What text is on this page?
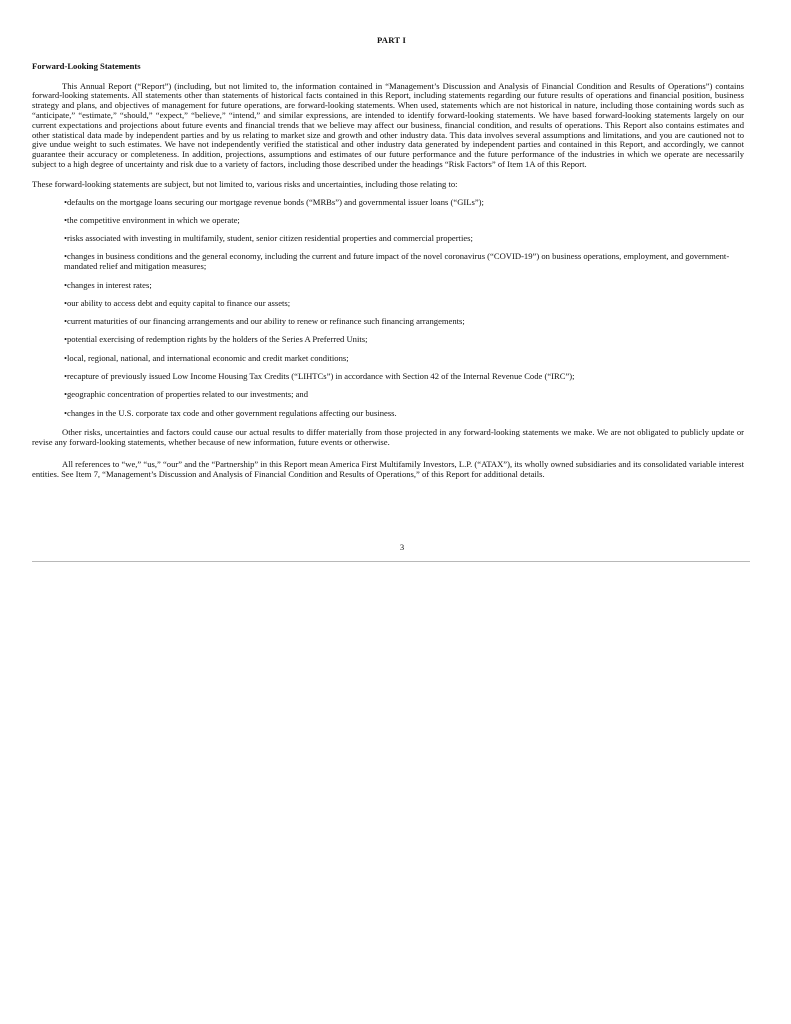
PART I
Forward-Looking Statements

This Annual Report (“Report”) (including, but not limited to, the information contained in “Management’s Discussion and Analysis of Financial Condition and Results of Operations”) contains forward-looking statements. All statements other than statements of historical facts contained in this Report, including statements regarding our future results of operations and financial position, business strategy and plans, and objectives of management for future operations, are forward-looking statements. When used, statements which are not historical in nature, including those containing words such as “anticipate,” “estimate,” “should,” “expect,” “believe,” “intend,” and similar expressions, are intended to identify forward-looking statements. We have based forward-looking statements largely on our current expectations and projections about future events and financial trends that we believe may affect our business, financial condition, and results of operations. This Report also contains estimates and other statistical data made by independent parties and by us relating to market size and growth and other industry data. This data involves several assumptions and limitations, and you are cautioned not to give undue weight to such estimates. We have not independently verified the statistical and other industry data generated by independent parties and contained in this Report, and accordingly, we cannot guarantee their accuracy or completeness. In addition, projections, assumptions and estimates of our future performance and the future performance of the industries in which we operate are necessarily subject to a high degree of uncertainty and risk due to a variety of factors, including those described under the headings “Risk Factors” of Item 1A of this Report.

These forward-looking statements are subject, but not limited to, various risks and uncertainties, including those relating to:

•defaults on the mortgage loans securing our mortgage revenue bonds (“MRBs”) and governmental issuer loans (“GILs”);
•the competitive environment in which we operate;
•risks associated with investing in multifamily, student, senior citizen residential properties and commercial properties;
•changes in business conditions and the general economy, including the current and future impact of the novel coronavirus (“COVID-19”) on business operations, employment, and government-mandated relief and mitigation measures;
•changes in interest rates;
•our ability to access debt and equity capital to finance our assets;
•current maturities of our financing arrangements and our ability to renew or refinance such financing arrangements;
•potential exercising of redemption rights by the holders of the Series A Preferred Units;
•local, regional, national, and international economic and credit market conditions;
•recapture of previously issued Low Income Housing Tax Credits (“LIHTCs”) in accordance with Section 42 of the Internal Revenue Code (“IRC”);
•geographic concentration of properties related to our investments; and
•changes in the U.S. corporate tax code and other government regulations affecting our business.

Other risks, uncertainties and factors could cause our actual results to differ materially from those projected in any forward-looking statements we make. We are not obligated to publicly update or revise any forward-looking statements, whether because of new information, future events or otherwise.

All references to “we,” “us,” “our” and the “Partnership” in this Report mean America First Multifamily Investors, L.P. (“ATAX”), its wholly owned subsidiaries and its consolidated variable interest entities. See Item 7, “Management’s Discussion and Analysis of Financial Condition and Results of Operations,” of this Report for additional details.

3
